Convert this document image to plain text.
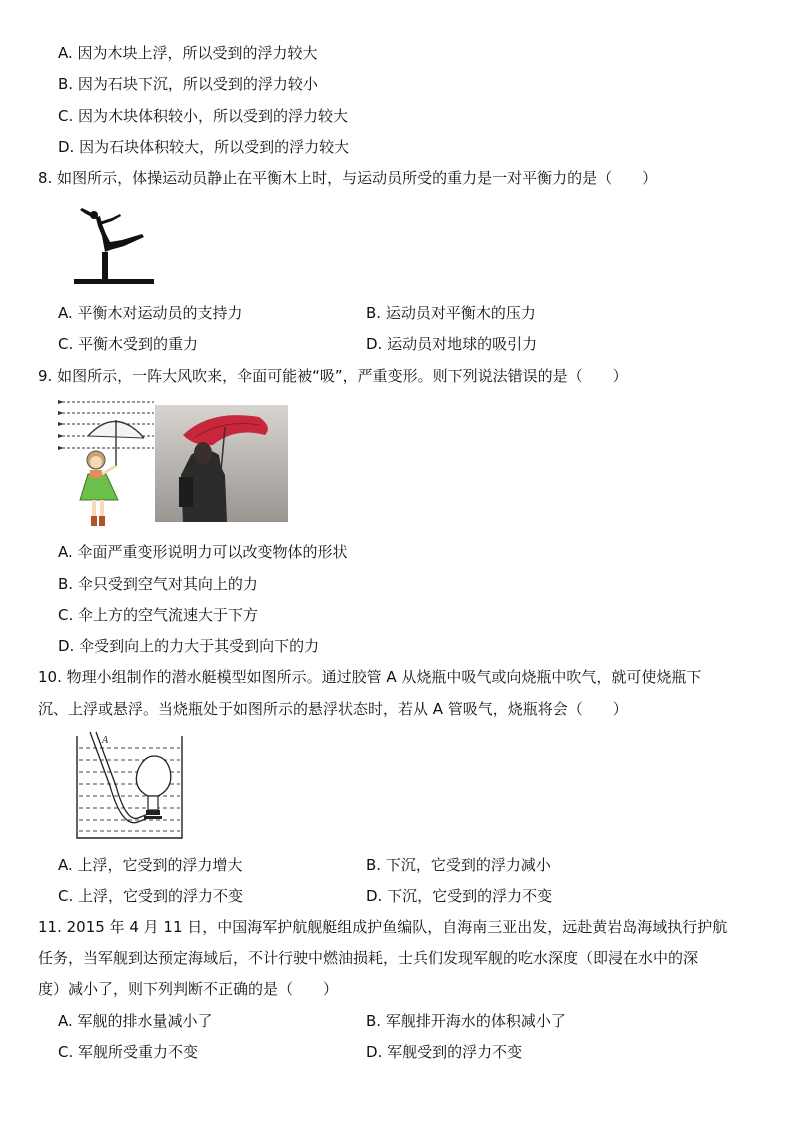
A. 因为木块上浮，所以受到的浮力较大
B. 因为石块下沉，所以受到的浮力较小
C. 因为木块体积较小，所以受到的浮力较大
D. 因为石块体积较大，所以受到的浮力较大
8. 如图所示，体操运动员静止在平衡木上时，与运动员所受的重力是一对平衡力的是（　　）
A. 平衡木对运动员的支持力	B. 运动员对平衡木的压力
C. 平衡木受到的重力	D. 运动员对地球的吸引力
9. 如图所示，一阵大风吹来，伞面可能被“吸”，严重变形。则下列说法错误的是（　　）
A. 伞面严重变形说明力可以改变物体的形状
B. 伞只受到空气对其向上的力
C. 伞上方的空气流速大于下方
D. 伞受到向上的力大于其受到向下的力
10. 物理小组制作的潜水艇模型如图所示。通过胶管 A 从烧瓶中吸气或向烧瓶中吹气，就可使烧瓶下
沉、上浮或悬浮。当烧瓶处于如图所示的悬浮状态时，若从 A 管吸气，烧瓶将会（　　）
A
A. 上浮，它受到的浮力增大	B. 下沉，它受到的浮力减小
C. 上浮，它受到的浮力不变	D. 下沉，它受到的浮力不变
11. 2015 年 4 月 11 日，中国海军护航舰艇组成护鱼编队，自海南三亚出发，远赴黄岩岛海域执行护航
任务，当军舰到达预定海域后，不计行驶中燃油损耗，士兵们发现军舰的吃水深度（即浸在水中的深
度）减小了，则下列判断不正确的是（　　）
A. 军舰的排水量减小了	B. 军舰排开海水的体积减小了
C. 军舰所受重力不变	D. 军舰受到的浮力不变
